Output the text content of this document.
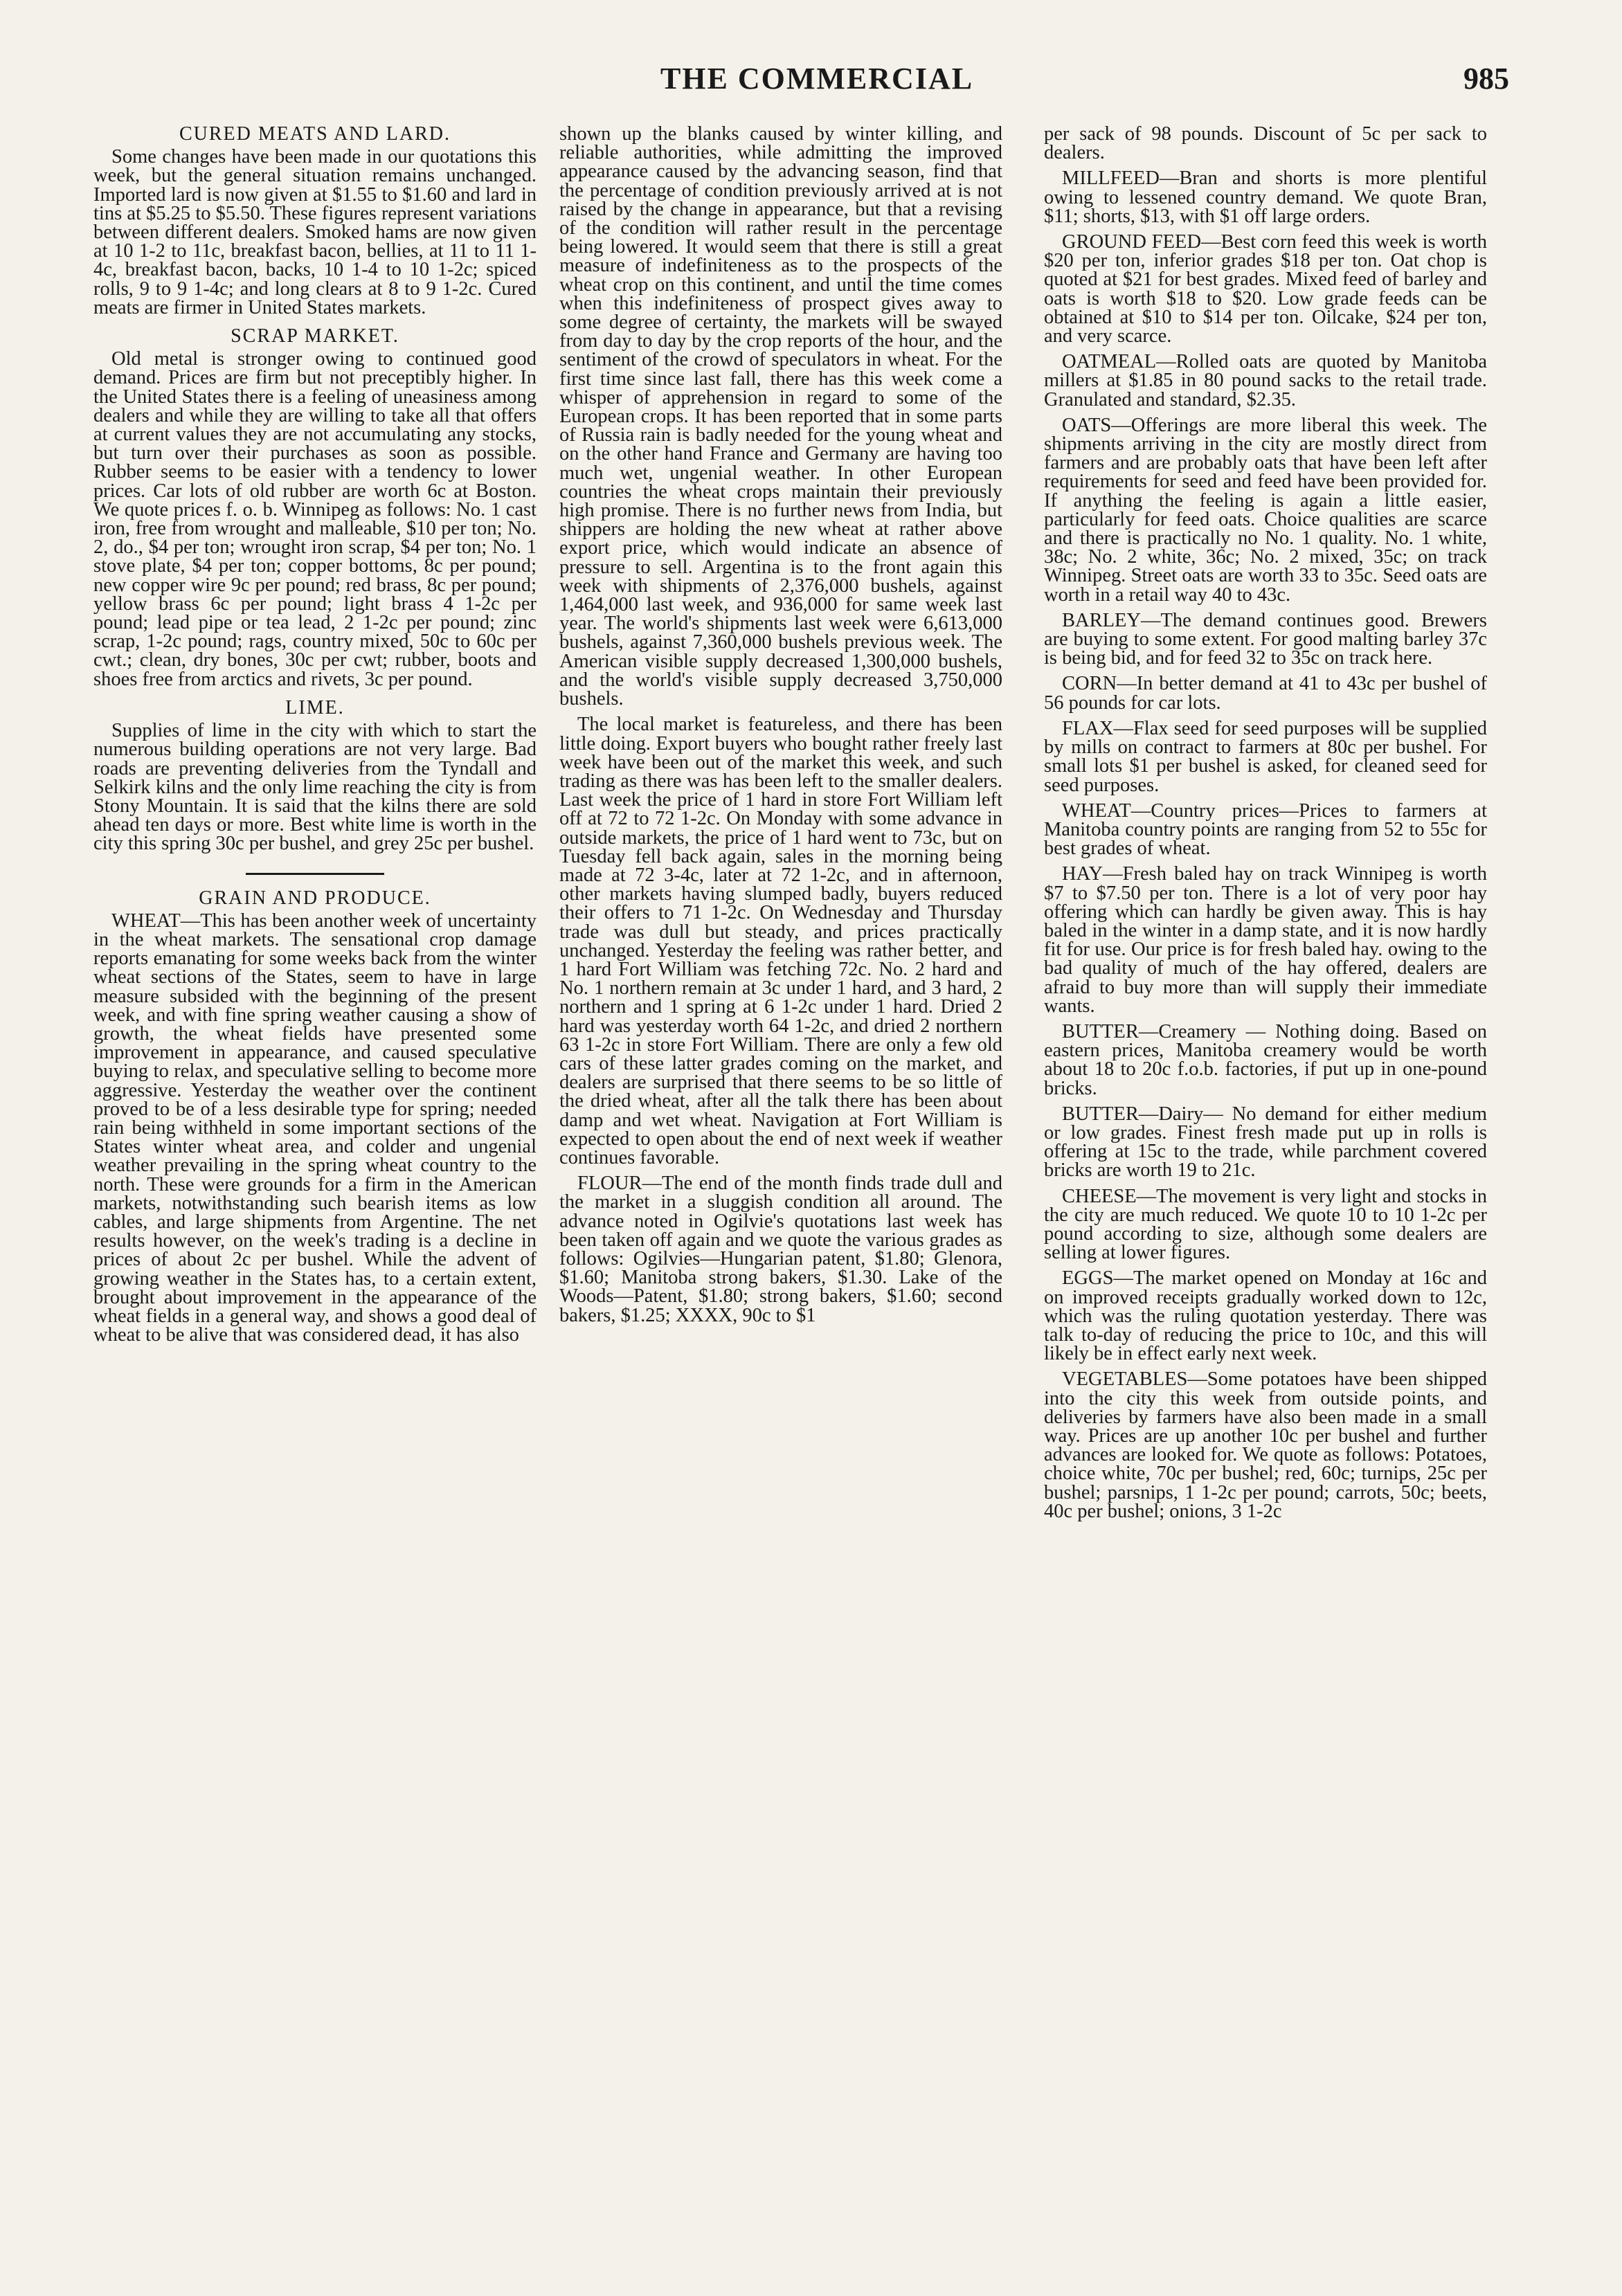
THE COMMERCIAL	985
CURED MEATS AND LARD.

Some changes have been made in our quotations this week, but the general situation remains unchanged. Imported lard is now given at $1.55 to $1.60 and lard in tins at $5.25 to $5.50. These figures represent variations between different dealers. Smoked hams are now given at 10 1-2 to 11c, breakfast bacon, bellies, at 11 to 11 1-4c, breakfast bacon, backs, 10 1-4 to 10 1-2c; spiced rolls, 9 to 9 1-4c; and long clears at 8 to 9 1-2c. Cured meats are firmer in United States markets.

SCRAP MARKET.

Old metal is stronger owing to continued good demand. Prices are firm but not preceptibly higher. In the United States there is a feeling of uneasiness among dealers and while they are willing to take all that offers at current values they are not accumulating any stocks, but turn over their purchases as soon as possible. Rubber seems to be easier with a tendency to lower prices. Car lots of old rubber are worth 6c at Boston. We quote prices f. o. b. Winnipeg as follows: No. 1 cast iron, free from wrought and malleable, $10 per ton; No. 2, do., $4 per ton; wrought iron scrap, $4 per ton; No. 1 stove plate, $4 per ton; copper bottoms, 8c per pound; new copper wire 9c per pound; red brass, 8c per pound; yellow brass 6c per pound; light brass 4 1-2c per pound; lead pipe or tea lead, 2 1-2c per pound; zinc scrap, 1-2c pound; rags, country mixed, 50c to 60c per cwt.; clean, dry bones, 30c per cwt; rubber, boots and shoes free from arctics and rivets, 3c per pound.

LIME.

Supplies of lime in the city with which to start the numerous building operations are not very large. Bad roads are preventing deliveries from the Tyndall and Selkirk kilns and the only lime reaching the city is from Stony Mountain. It is said that the kilns there are sold ahead ten days or more. Best white lime is worth in the city this spring 30c per bushel, and grey 25c per bushel.

GRAIN AND PRODUCE.

WHEAT—This has been another week of uncertainty in the wheat markets. The sensational crop damage reports emanating for some weeks back from the winter wheat sections of the States, seem to have in large measure subsided with the beginning of the present week, and with fine spring weather causing a show of growth, the wheat fields have presented some improvement in appearance, and caused speculative buying to relax, and speculative selling to become more aggressive. Yesterday the weather over the continent proved to be of a less desirable type for spring; needed rain being withheld in some important sections of the States winter wheat area, and colder and ungenial weather prevailing in the spring wheat country to the north. These were grounds for a firm in the American markets, notwithstanding such bearish items as low cables, and large shipments from Argentine. The net results however, on the week's trading is a decline in prices of about 2c per bushel. While the advent of growing weather in the States has, to a certain extent, brought about improvement in the appearance of the wheat fields in a general way, and shows a good deal of wheat to be alive that was considered dead, it has also

shown up the blanks caused by winter killing, and reliable authorities, while admitting the improved appearance caused by the advancing season, find that the percentage of condition previously arrived at is not raised by the change in appearance, but that a revising of the condition will rather result in the percentage being lowered. It would seem that there is still a great measure of indefiniteness as to the prospects of the wheat crop on this continent, and until the time comes when this indefiniteness of prospect gives away to some degree of certainty, the markets will be swayed from day to day by the crop reports of the hour, and the sentiment of the crowd of speculators in wheat. For the first time since last fall, there has this week come a whisper of apprehension in regard to some of the European crops. It has been reported that in some parts of Russia rain is badly needed for the young wheat and on the other hand France and Germany are having too much wet, ungenial weather. In other European countries the wheat crops maintain their previously high promise. There is no further news from India, but shippers are holding the new wheat at rather above export price, which would indicate an absence of pressure to sell. Argentina is to the front again this week with shipments of 2,376,000 bushels, against 1,464,000 last week, and 936,000 for same week last year. The world's shipments last week were 6,613,000 bushels, against 7,360,000 bushels previous week. The American visible supply decreased 1,300,000 bushels, and the world's visible supply decreased 3,750,000 bushels.

The local market is featureless, and there has been little doing. Export buyers who bought rather freely last week have been out of the market this week, and such trading as there was has been left to the smaller dealers. Last week the price of 1 hard in store Fort William left off at 72 to 72 1-2c. On Monday with some advance in outside markets, the price of 1 hard went to 73c, but on Tuesday fell back again, sales in the morning being made at 72 3-4c, later at 72 1-2c, and in afternoon, other markets having slumped badly, buyers reduced their offers to 71 1-2c. On Wednesday and Thursday trade was dull but steady, and prices practically unchanged. Yesterday the feeling was rather better, and 1 hard Fort William was fetching 72c. No. 2 hard and No. 1 northern remain at 3c under 1 hard, and 3 hard, 2 northern and 1 spring at 6 1-2c under 1 hard. Dried 2 hard was yesterday worth 64 1-2c, and dried 2 northern 63 1-2c in store Fort William. There are only a few old cars of these latter grades coming on the market, and dealers are surprised that there seems to be so little of the dried wheat, after all the talk there has been about damp and wet wheat. Navigation at Fort William is expected to open about the end of next week if weather continues favorable.

FLOUR—The end of the month finds trade dull and the market in a sluggish condition all around. The advance noted in Ogilvie's quotations last week has been taken off again and we quote the various grades as follows: Ogilvies—Hungarian patent, $1.80; Glenora, $1.60; Manitoba strong bakers, $1.30. Lake of the Woods—Patent, $1.80; strong bakers, $1.60; second bakers, $1.25; XXXX, 90c to $1

per sack of 98 pounds. Discount of 5c per sack to dealers.

MILLFEED—Bran and shorts is more plentiful owing to lessened country demand. We quote Bran, $11; shorts, $13, with $1 off large orders.

GROUND FEED—Best corn feed this week is worth $20 per ton, inferior grades $18 per ton. Oat chop is quoted at $21 for best grades. Mixed feed of barley and oats is worth $18 to $20. Low grade feeds can be obtained at $10 to $14 per ton. Oilcake, $24 per ton, and very scarce.

OATMEAL—Rolled oats are quoted by Manitoba millers at $1.85 in 80 pound sacks to the retail trade. Granulated and standard, $2.35.

OATS—Offerings are more liberal this week. The shipments arriving in the city are mostly direct from farmers and are probably oats that have been left after requirements for seed and feed have been provided for. If anything the feeling is again a little easier, particularly for feed oats. Choice qualities are scarce and there is practically no No. 1 quality. No. 1 white, 38c; No. 2 white, 36c; No. 2 mixed, 35c; on track Winnipeg. Street oats are worth 33 to 35c. Seed oats are worth in a retail way 40 to 43c.

BARLEY—The demand continues good. Brewers are buying to some extent. For good malting barley 37c is being bid, and for feed 32 to 35c on track here.

CORN—In better demand at 41 to 43c per bushel of 56 pounds for car lots.

FLAX—Flax seed for seed purposes will be supplied by mills on contract to farmers at 80c per bushel. For small lots $1 per bushel is asked, for cleaned seed for seed purposes.

WHEAT—Country prices—Prices to farmers at Manitoba country points are ranging from 52 to 55c for best grades of wheat.

HAY—Fresh baled hay on track Winnipeg is worth $7 to $7.50 per ton. There is a lot of very poor hay offering which can hardly be given away. This is hay baled in the winter in a damp state, and it is now hardly fit for use. Our price is for fresh baled hay. owing to the bad quality of much of the hay offered, dealers are afraid to buy more than will supply their immediate wants.

BUTTER—Creamery — Nothing doing. Based on eastern prices, Manitoba creamery would be worth about 18 to 20c f.o.b. factories, if put up in one-pound bricks.

BUTTER—Dairy— No demand for either medium or low grades. Finest fresh made put up in rolls is offering at 15c to the trade, while parchment covered bricks are worth 19 to 21c.

CHEESE—The movement is very light and stocks in the city are much reduced. We quote 10 to 10 1-2c per pound according to size, although some dealers are selling at lower figures.

EGGS—The market opened on Monday at 16c and on improved receipts gradually worked down to 12c, which was the ruling quotation yesterday. There was talk to-day of reducing the price to 10c, and this will likely be in effect early next week.

VEGETABLES—Some potatoes have been shipped into the city this week from outside points, and deliveries by farmers have also been made in a small way. Prices are up another 10c per bushel and further advances are looked for. We quote as follows: Potatoes, choice white, 70c per bushel; red, 60c; turnips, 25c per bushel; parsnips, 1 1-2c per pound; carrots, 50c; beets, 40c per bushel; onions, 3 1-2c
